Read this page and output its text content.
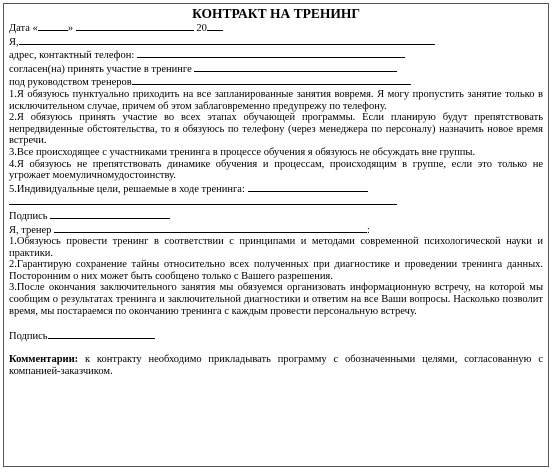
КОНТРАКТ НА ТРЕНИНГ
Дата «	»	20
Я,
адрес, контактный телефон:
согласен(на) принять участие в тренинге
под руководством тренеров
1.Я обязуюсь пунктуально приходить на все запланированные занятия вовремя. Я могу пропустить занятие только в исключительном случае, причем об этом заблаговременно предупрежу по телефону.
2.Я обязуюсь принять участие во всех этапах обучающей программы. Если планирую будут препятствовать непредвиденные обстоятельства, то я обязуюсь по телефону (через менеджера по персоналу) назначить новое время встречи.
3.Все происходящее с участниками тренинга в процессе обучения я обязуюсь не обсуждать вне группы.
4.Я обязуюсь не препятствовать динамике обучения и процессам, происходящим в группе, если это только не угрожает моемуличномудостоинству.
5.Индивидуальные цели, решаемые в ходе тренинга:
Подпись
Я, тренер	:
1.Обязуюсь провести тренинг в соответствии с принципами и методами современной психологической науки и практики.
2.Гарантирую сохранение тайны относительно всех полученных при диагностике и проведении тренинга данных. Посторонним о них может быть сообщено только с Вашего разрешения.
3.После окончания заключительного занятия мы обязуемся организовать информационную встречу, на которой мы сообщим о результатах тренинга и заключительной диагностики и ответим на все Ваши вопросы. Насколько позволит время, мы постараемся по окончанию тренинга с каждым провести персональную встречу.
Подпись
Комментарии: к контракту необходимо прикладывать программу с обозначенными целями, согласованную с компанией-заказчиком.
